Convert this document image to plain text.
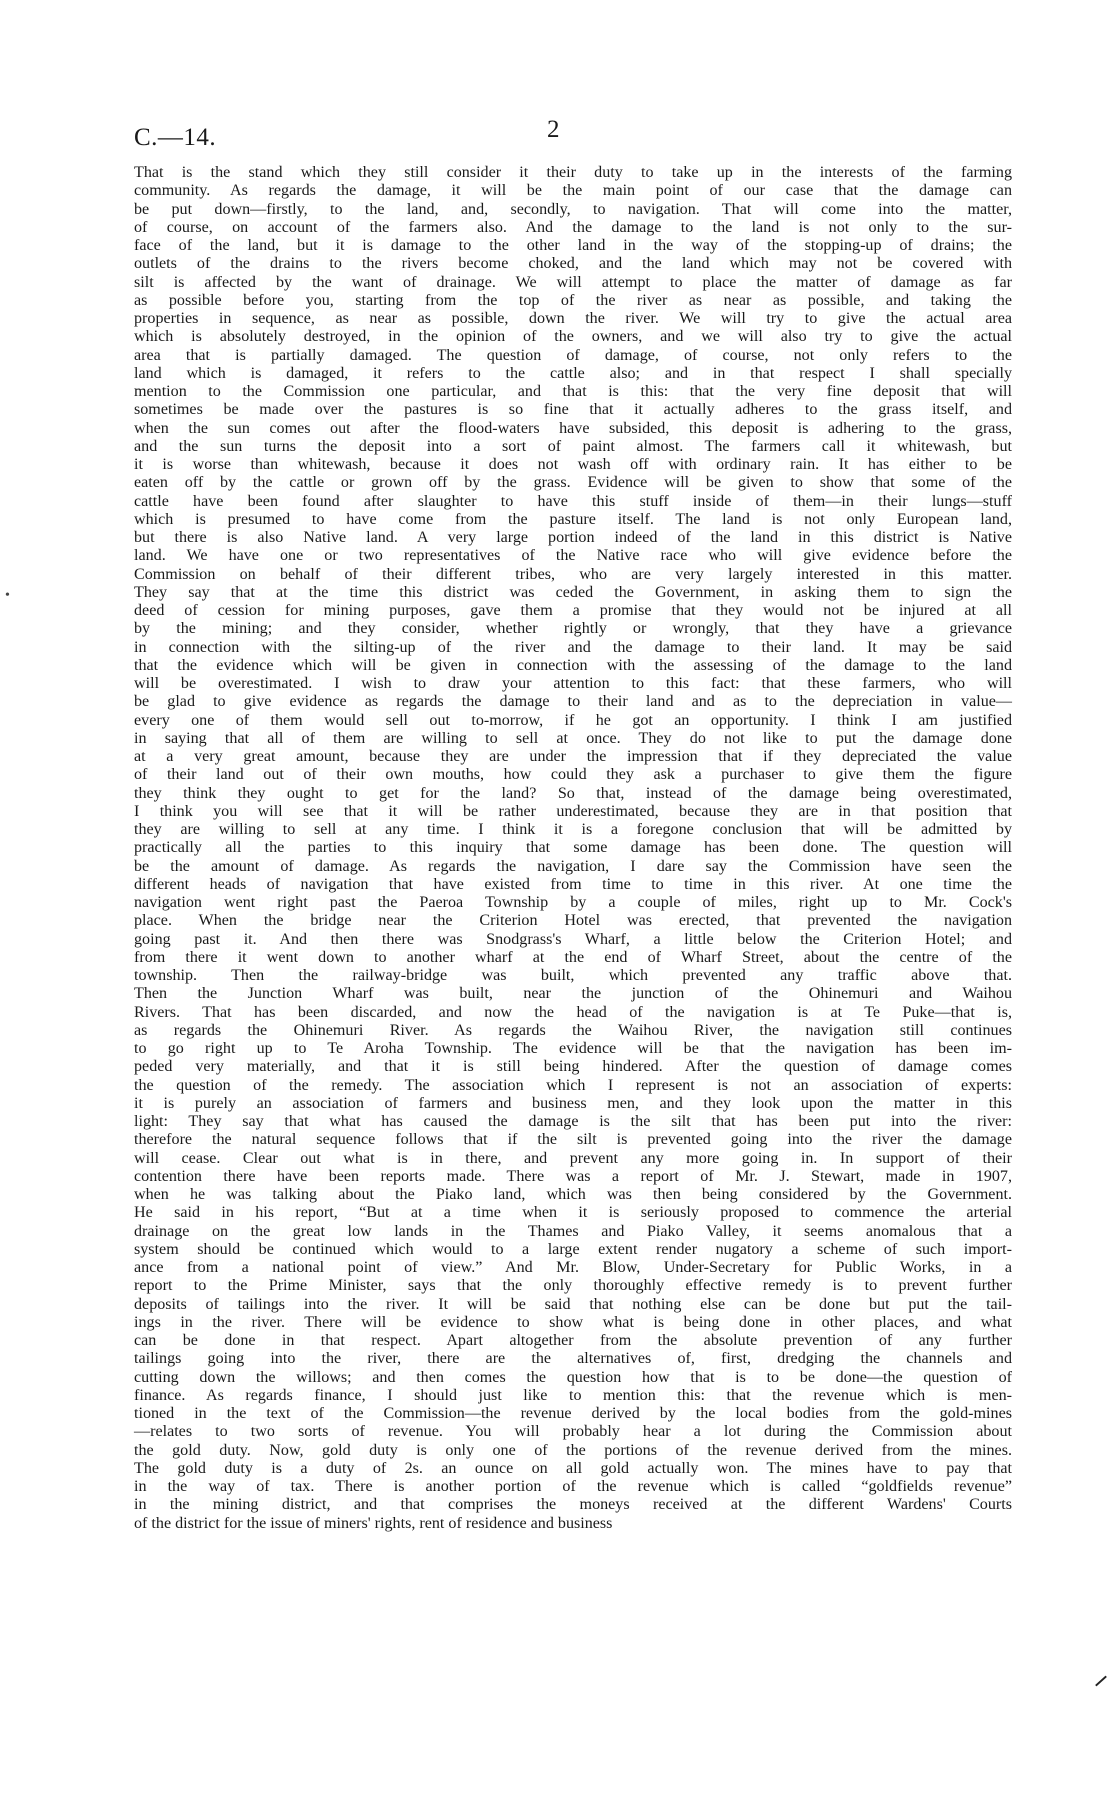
C.—14.	2
That is the stand which they still consider it their duty to take up in the interests of the farming
community. As regards the damage, it will be the main point of our case that the damage can
be put down—firstly, to the land, and, secondly, to navigation. That will come into the matter,
of course, on account of the farmers also. And the damage to the land is not only to the sur-
face of the land, but it is damage to the other land in the way of the stopping-up of drains; the
outlets of the drains to the rivers become choked, and the land which may not be covered with
silt is affected by the want of drainage. We will attempt to place the matter of damage as far
as possible before you, starting from the top of the river as near as possible, and taking the
properties in sequence, as near as possible, down the river. We will try to give the actual area
which is absolutely destroyed, in the opinion of the owners, and we will also try to give the actual
area that is partially damaged. The question of damage, of course, not only refers to the
land which is damaged, it refers to the cattle also; and in that respect I shall specially
mention to the Commission one particular, and that is this: that the very fine deposit that will
sometimes be made over the pastures is so fine that it actually adheres to the grass itself, and
when the sun comes out after the flood-waters have subsided, this deposit is adhering to the grass,
and the sun turns the deposit into a sort of paint almost. The farmers call it whitewash, but
it is worse than whitewash, because it does not wash off with ordinary rain. It has either to be
eaten off by the cattle or grown off by the grass. Evidence will be given to show that some of the
cattle have been found after slaughter to have this stuff inside of them—in their lungs—stuff
which is presumed to have come from the pasture itself. The land is not only European land,
but there is also Native land. A very large portion indeed of the land in this district is Native
land. We have one or two representatives of the Native race who will give evidence before the
Commission on behalf of their different tribes, who are very largely interested in this matter.
They say that at the time this district was ceded the Government, in asking them to sign the
deed of cession for mining purposes, gave them a promise that they would not be injured at all
by the mining; and they consider, whether rightly or wrongly, that they have a grievance
in connection with the silting-up of the river and the damage to their land. It may be said
that the evidence which will be given in connection with the assessing of the damage to the land
will be overestimated. I wish to draw your attention to this fact: that these farmers, who will
be glad to give evidence as regards the damage to their land and as to the depreciation in value—
every one of them would sell out to-morrow, if he got an opportunity. I think I am justified
in saying that all of them are willing to sell at once. They do not like to put the damage done
at a very great amount, because they are under the impression that if they depreciated the value
of their land out of their own mouths, how could they ask a purchaser to give them the figure
they think they ought to get for the land? So that, instead of the damage being overestimated,
I think you will see that it will be rather underestimated, because they are in that position that
they are willing to sell at any time. I think it is a foregone conclusion that will be admitted by
practically all the parties to this inquiry that some damage has been done. The question will
be the amount of damage. As regards the navigation, I dare say the Commission have seen the
different heads of navigation that have existed from time to time in this river. At one time the
navigation went right past the Paeroa Township by a couple of miles, right up to Mr. Cock's
place. When the bridge near the Criterion Hotel was erected, that prevented the navigation
going past it. And then there was Snodgrass's Wharf, a little below the Criterion Hotel; and
from there it went down to another wharf at the end of Wharf Street, about the centre of the
township. Then the railway-bridge was built, which prevented any traffic above that.
Then the Junction Wharf was built, near the junction of the Ohinemuri and Waihou
Rivers. That has been discarded, and now the head of the navigation is at Te Puke—that is,
as regards the Ohinemuri River. As regards the Waihou River, the navigation still continues
to go right up to Te Aroha Township. The evidence will be that the navigation has been im-
peded very materially, and that it is still being hindered. After the question of damage comes
the question of the remedy. The association which I represent is not an association of experts:
it is purely an association of farmers and business men, and they look upon the matter in this
light: They say that what has caused the damage is the silt that has been put into the river:
therefore the natural sequence follows that if the silt is prevented going into the river the damage
will cease. Clear out what is in there, and prevent any more going in. In support of their
contention there have been reports made. There was a report of Mr. J. Stewart, made in 1907,
when he was talking about the Piako land, which was then being considered by the Government.
He said in his report, “But at a time when it is seriously proposed to commence the arterial
drainage on the great low lands in the Thames and Piako Valley, it seems anomalous that a
system should be continued which would to a large extent render nugatory a scheme of such import-
ance from a national point of view.” And Mr. Blow, Under-Secretary for Public Works, in a
report to the Prime Minister, says that the only thoroughly effective remedy is to prevent further
deposits of tailings into the river. It will be said that nothing else can be done but put the tail-
ings in the river. There will be evidence to show what is being done in other places, and what
can be done in that respect. Apart altogether from the absolute prevention of any further
tailings going into the river, there are the alternatives of, first, dredging the channels and
cutting down the willows; and then comes the question how that is to be done—the question of
finance. As regards finance, I should just like to mention this: that the revenue which is men-
tioned in the text of the Commission—the revenue derived by the local bodies from the gold-mines
—relates to two sorts of revenue. You will probably hear a lot during the Commission about
the gold duty. Now, gold duty is only one of the portions of the revenue derived from the mines.
The gold duty is a duty of 2s. an ounce on all gold actually won. The mines have to pay that
in the way of tax. There is another portion of the revenue which is called “goldfields revenue”
in the mining district, and that comprises the moneys received at the different Wardens' Courts
of the district for the issue of miners' rights, rent of residence and business
•
